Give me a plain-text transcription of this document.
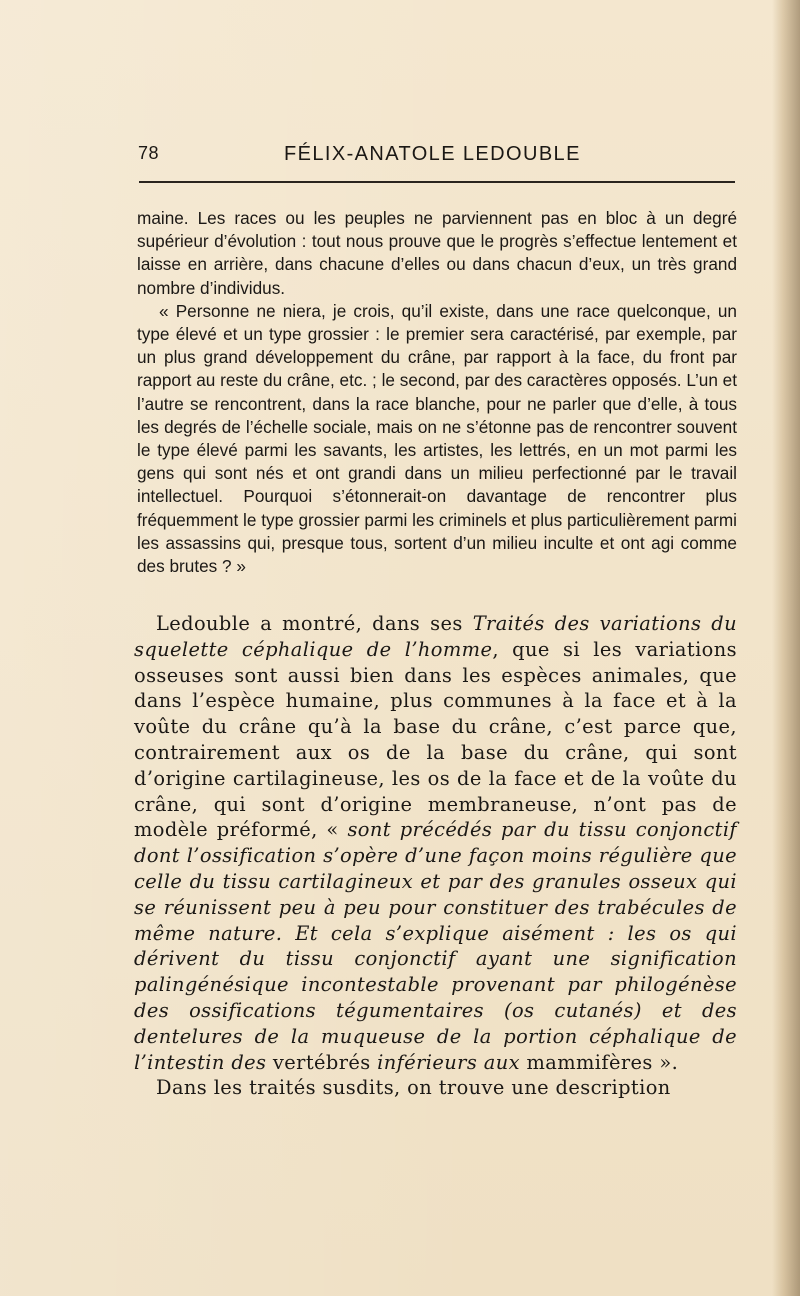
78	FÉLIX-ANATOLE LEDOUBLE

maine. Les races ou les peuples ne parviennent pas en bloc à un degré supérieur d’évolution : tout nous prouve que le progrès s’effectue lentement et laisse en arrière, dans chacune d’elles ou dans chacun d’eux, un très grand nombre d’individus.

« Personne ne niera, je crois, qu’il existe, dans une race quelconque, un type élevé et un type grossier : le premier sera caractérisé, par exemple, par un plus grand développement du crâne, par rapport à la face, du front par rapport au reste du crâne, etc. ; le second, par des caractères opposés. L’un et l’autre se rencontrent, dans la race blanche, pour ne parler que d’elle, à tous les degrés de l’échelle sociale, mais on ne s’étonne pas de rencontrer souvent le type élevé parmi les savants, les artistes, les lettrés, en un mot parmi les gens qui sont nés et ont grandi dans un milieu perfectionné par le travail intellectuel. Pourquoi s’étonnerait-on davantage de rencontrer plus fréquemment le type grossier parmi les criminels et plus particulièrement parmi les assassins qui, presque tous, sortent d’un milieu inculte et ont agi comme des brutes ? »

Ledouble a montré, dans ses Traités des variations du squelette céphalique de l’homme, que si les variations osseuses sont aussi bien dans les espèces animales, que dans l’espèce humaine, plus communes à la face et à la voûte du crâne qu’à la base du crâne, c’est parce que, contrairement aux os de la base du crâne, qui sont d’origine cartilagineuse, les os de la face et de la voûte du crâne, qui sont d’origine membraneuse, n’ont pas de modèle préformé, « sont précédés par du tissu conjonctif dont l’ossification s’opère d’une façon moins régulière que celle du tissu cartilagineux et par des granules osseux qui se réunissent peu à peu pour constituer des trabécules de même nature. Et cela s’explique aisément : les os qui dérivent du tissu conjonctif ayant une signification palingénésique incontestable provenant par philogénèse des ossifications tégumentaires (os cutanés) et des dentelures de la muqueuse de la portion céphalique de l’intestin des vertébrés inférieurs aux mammifères ».

Dans les traités susdits, on trouve une description
